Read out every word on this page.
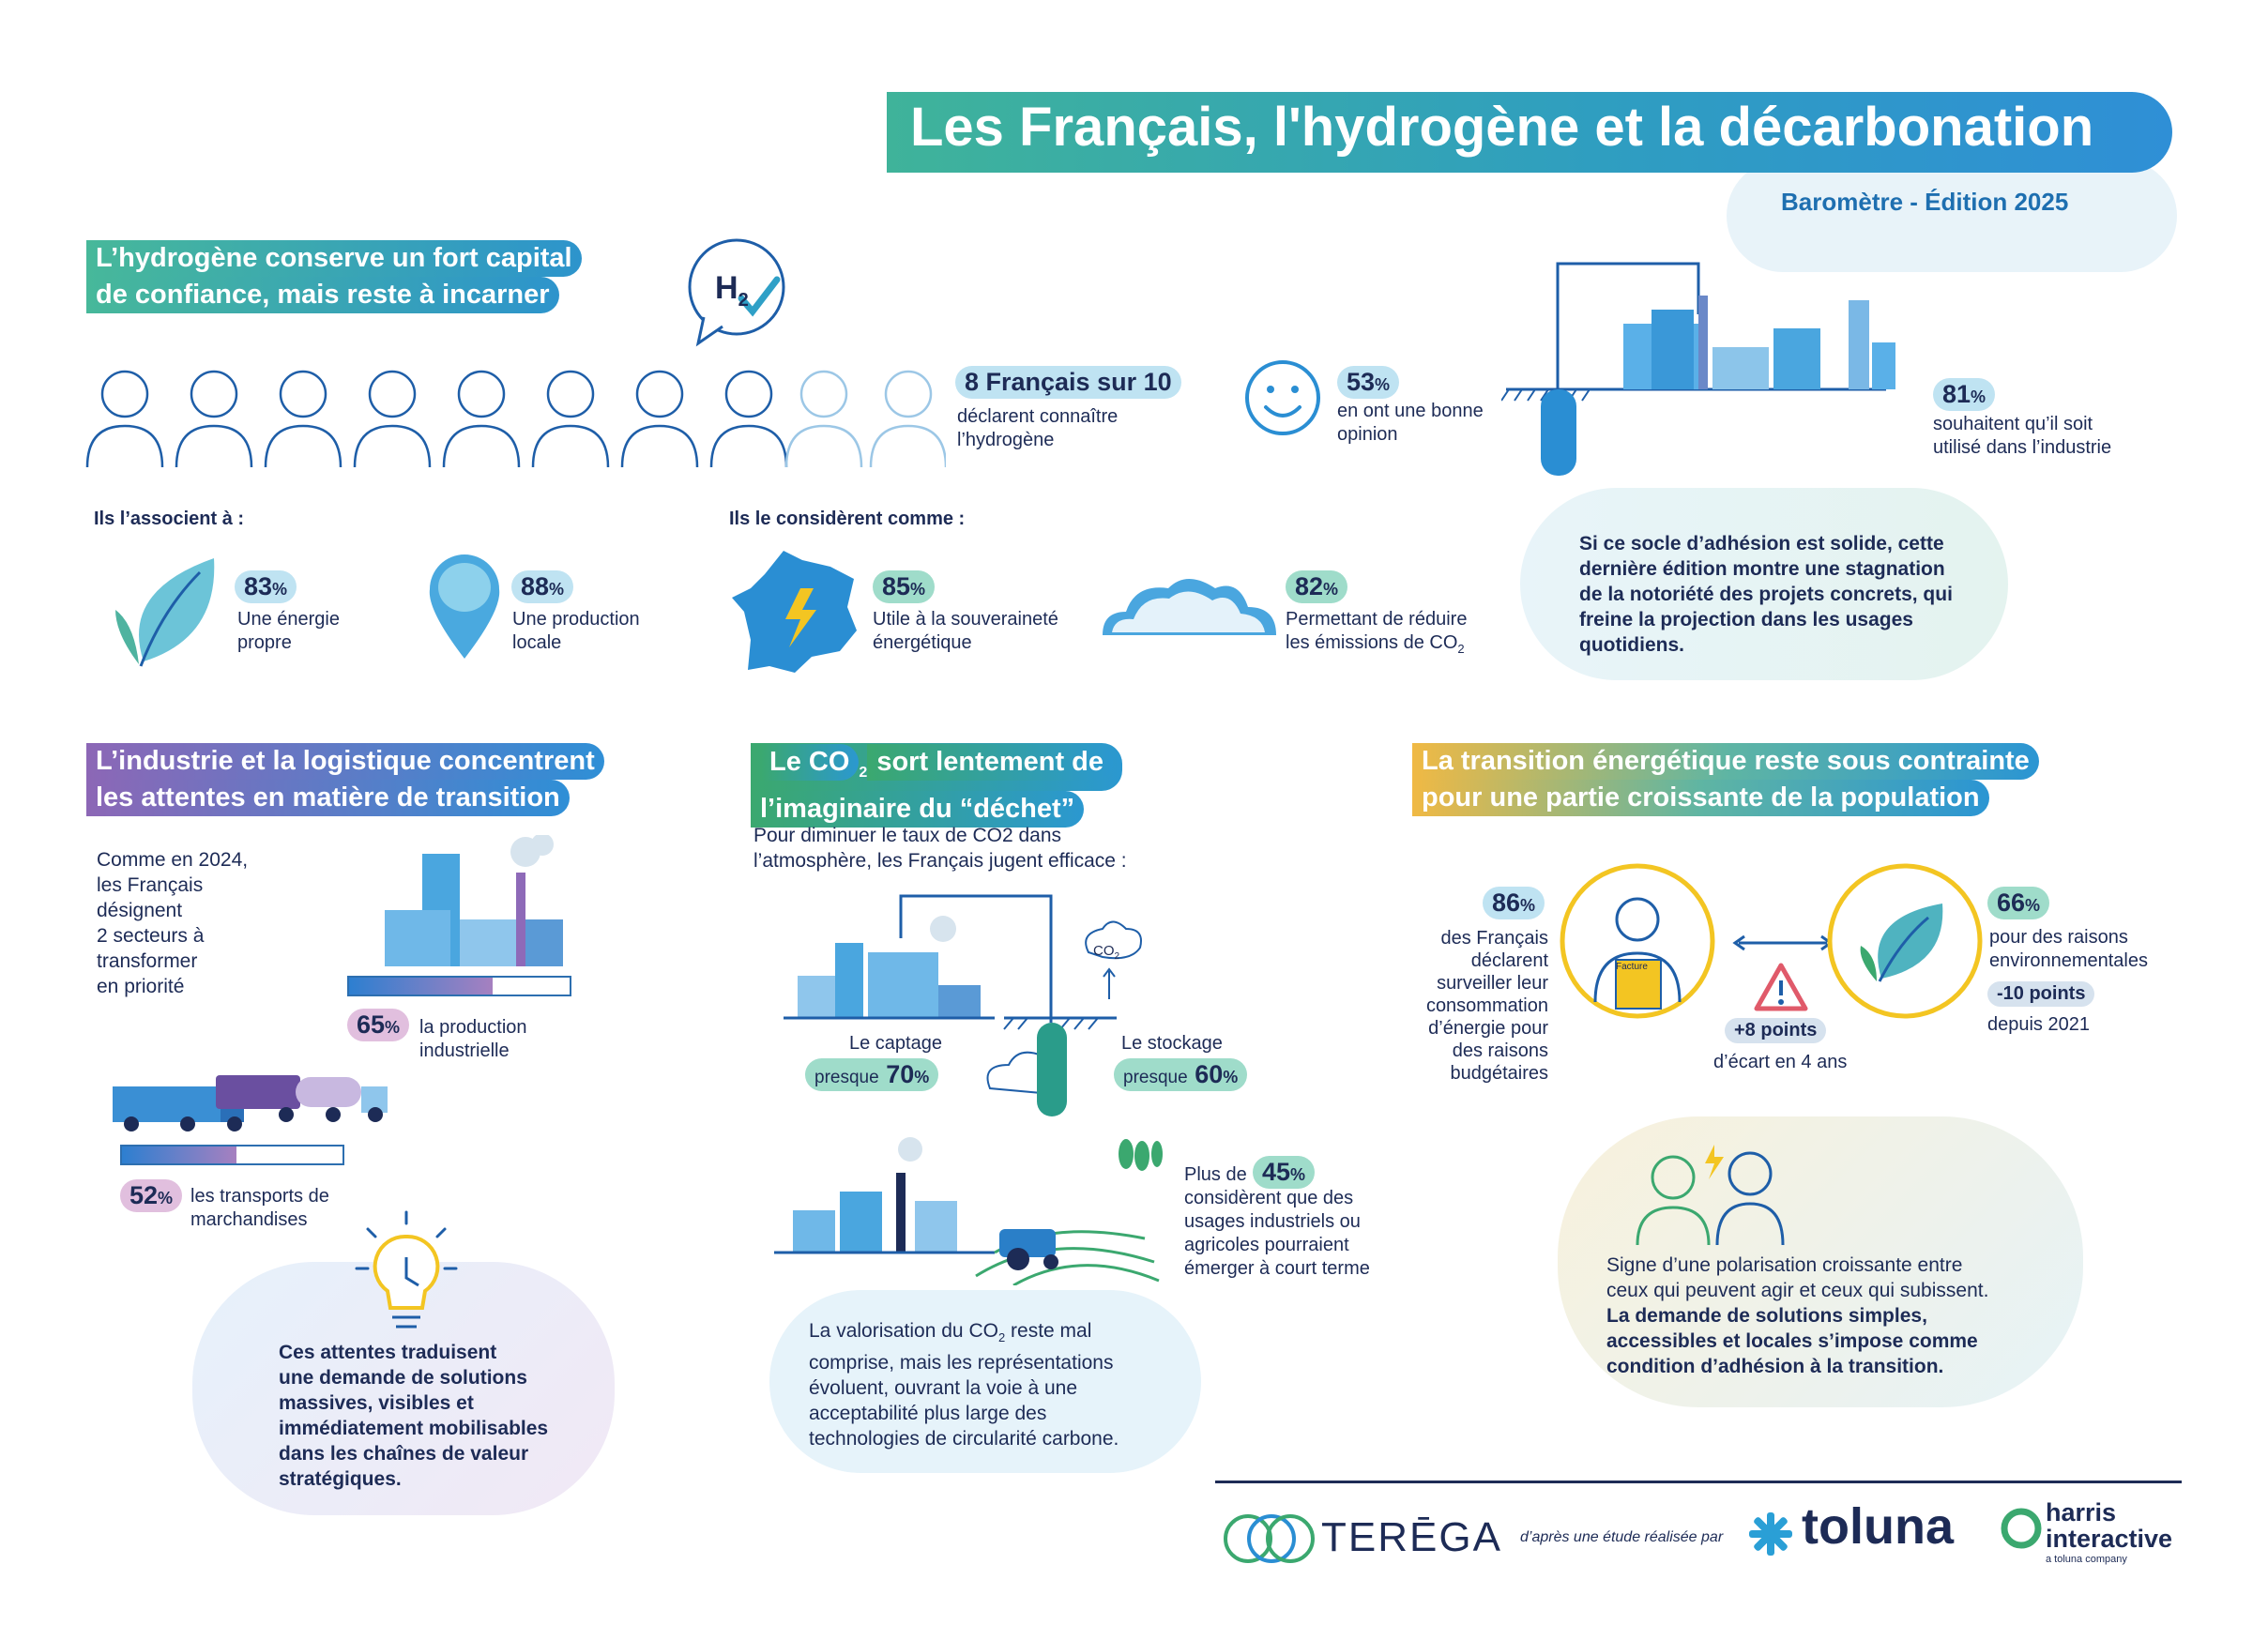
Les Français, l'hydrogène et la décarbonation
Baromètre - Édition 2025
L’hydrogène conserve un fort capital
de confiance, mais reste à incarner	$H_2$
8 Français sur 10
déclarent connaître
l’hydrogène
53%
en ont une bonne
opinion
81%
souhaitent qu’il soit
utilisé dans l’industrie
Ils l’associent à :	Ils le considèrent comme :
83%
Une énergie
propre
88%
Une production
locale
85%
Utile à la souveraineté
énergétique
82%
Permettant de réduire
les émissions de $CO_2$
Si ce socle d’adhésion est solide, cette
dernière édition montre une stagnation
de la notoriété des projets concrets, qui
freine la projection dans les usages
quotidiens.
L’industrie et la logistique concentrent
les attentes en matière de transition
Comme en 2024,
les Français
désignent
2 secteurs à
transformer
en priorité
65%	la production
industrielle
52% les transports de
marchandises
Ces attentes traduisent
une demande de solutions
massives, visibles et
immédiatement mobilisables
dans les chaînes de valeur
stratégiques.
Le CO $_2$sort lentement de
l’imaginaire du “déchet”
Pour diminuer le taux de CO2 dans
l’atmosphère, les Français jugent efficace :
$CO_2$
Le captage
presque 70%
Le stockage
presque 60%
Plus de 45%
considèrent que des
usages industriels ou
agricoles pourraient
émerger à court terme
La valorisation du $CO_2$ reste mal
comprise, mais les représentations
évoluent, ouvrant la voie à une
acceptabilité plus large des
technologies de circularité carbone.
La transition énergétique reste sous contrainte
pour une partie croissante de la population
86%
des Français
déclarent
surveiller leur
consommation
d’énergie pour
des raisons
budgétaires
Facture
+8 points
d’écart en 4 ans
66%
pour des raisons
environnementales
-10 points
depuis 2021
Signe d’une polarisation croissante entre
ceux qui peuvent agir et ceux qui subissent.
La demande de solutions simples,
accessibles et locales s’impose comme
condition d’adhésion à la transition.
TERĒGA d’après une étude réalisée par toluna	harris
interactive
a toluna company
